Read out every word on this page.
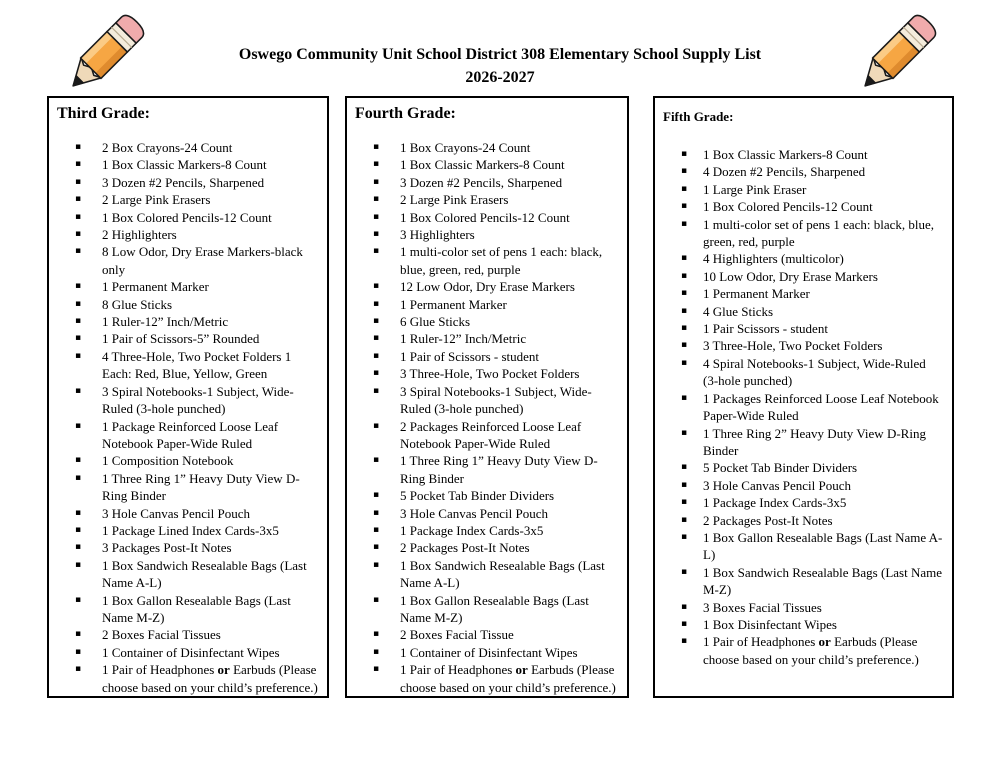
Oswego Community Unit School District 308 Elementary School Supply List
2026-2027
Third Grade:
▪	2 Box Crayons-24 Count
▪	1 Box Classic Markers-8 Count
▪	3 Dozen #2 Pencils, Sharpened
▪	2 Large Pink Erasers
▪	1 Box Colored Pencils-12 Count
▪	2 Highlighters
▪	8 Low Odor, Dry Erase Markers-black only
▪	1 Permanent Marker
▪	8 Glue Sticks
▪	1 Ruler-12” Inch/Metric
▪	1 Pair of Scissors-5” Rounded
▪	4 Three-Hole, Two Pocket Folders 1 Each: Red, Blue, Yellow, Green
▪	3 Spiral Notebooks-1 Subject, Wide-Ruled (3-hole punched)
▪	1 Package Reinforced Loose Leaf Notebook Paper-Wide Ruled
▪	1 Composition Notebook
▪	1 Three Ring 1” Heavy Duty View D-Ring Binder
▪	3 Hole Canvas Pencil Pouch
▪	1 Package Lined Index Cards-3x5
▪	3 Packages Post-It Notes
▪	1 Box Sandwich Resealable Bags (Last Name A-L)
▪	1 Box Gallon Resealable Bags (Last Name M-Z)
▪	2 Boxes Facial Tissues
▪	1 Container of Disinfectant Wipes
▪	1 Pair of Headphones or Earbuds (Please choose based on your child’s preference.)
Fourth Grade:
▪	1 Box Crayons-24 Count
▪	1 Box Classic Markers-8 Count
▪	3 Dozen #2 Pencils, Sharpened
▪	2 Large Pink Erasers
▪	1 Box Colored Pencils-12 Count
▪	3 Highlighters
▪	1 multi-color set of pens 1 each: black, blue, green, red, purple
▪	12 Low Odor, Dry Erase Markers
▪	1 Permanent Marker
▪	6 Glue Sticks
▪	1 Ruler-12” Inch/Metric
▪	1 Pair of Scissors - student
▪	3 Three-Hole, Two Pocket Folders
▪	3 Spiral Notebooks-1 Subject, Wide-Ruled (3-hole punched)
▪	2 Packages Reinforced Loose Leaf Notebook Paper-Wide Ruled
▪	1 Three Ring 1” Heavy Duty View D-Ring Binder
▪	5 Pocket Tab Binder Dividers
▪	3 Hole Canvas Pencil Pouch
▪	1 Package Index Cards-3x5
▪	2 Packages Post-It Notes
▪	1 Box Sandwich Resealable Bags (Last Name A-L)
▪	1 Box Gallon Resealable Bags (Last Name M-Z)
▪	2 Boxes Facial Tissue
▪	1 Container of Disinfectant Wipes
▪	1 Pair of Headphones or Earbuds (Please choose based on your child’s preference.)
Fifth Grade:
▪	1 Box Classic Markers-8 Count
▪	4 Dozen #2 Pencils, Sharpened
▪	1 Large Pink Eraser
▪	1 Box Colored Pencils-12 Count
▪	1 multi-color set of pens 1 each: black, blue, green, red, purple
▪	4 Highlighters (multicolor)
▪	10 Low Odor, Dry Erase Markers
▪	1 Permanent Marker
▪	4 Glue Sticks
▪	1 Pair Scissors - student
▪	3 Three-Hole, Two Pocket Folders
▪	4 Spiral Notebooks-1 Subject, Wide-Ruled (3-hole punched)
▪	1 Packages Reinforced Loose Leaf Notebook Paper-Wide Ruled
▪	1 Three Ring 2” Heavy Duty View D-Ring Binder
▪	5 Pocket Tab Binder Dividers
▪	3 Hole Canvas Pencil Pouch
▪	1 Package Index Cards-3x5
▪	2 Packages Post-It Notes
▪	1 Box Gallon Resealable Bags (Last Name A-L)
▪	1 Box Sandwich Resealable Bags (Last Name M-Z)
▪	3 Boxes Facial Tissues
▪	1 Box Disinfectant Wipes
▪	1 Pair of Headphones or Earbuds (Please choose based on your child’s preference.)
